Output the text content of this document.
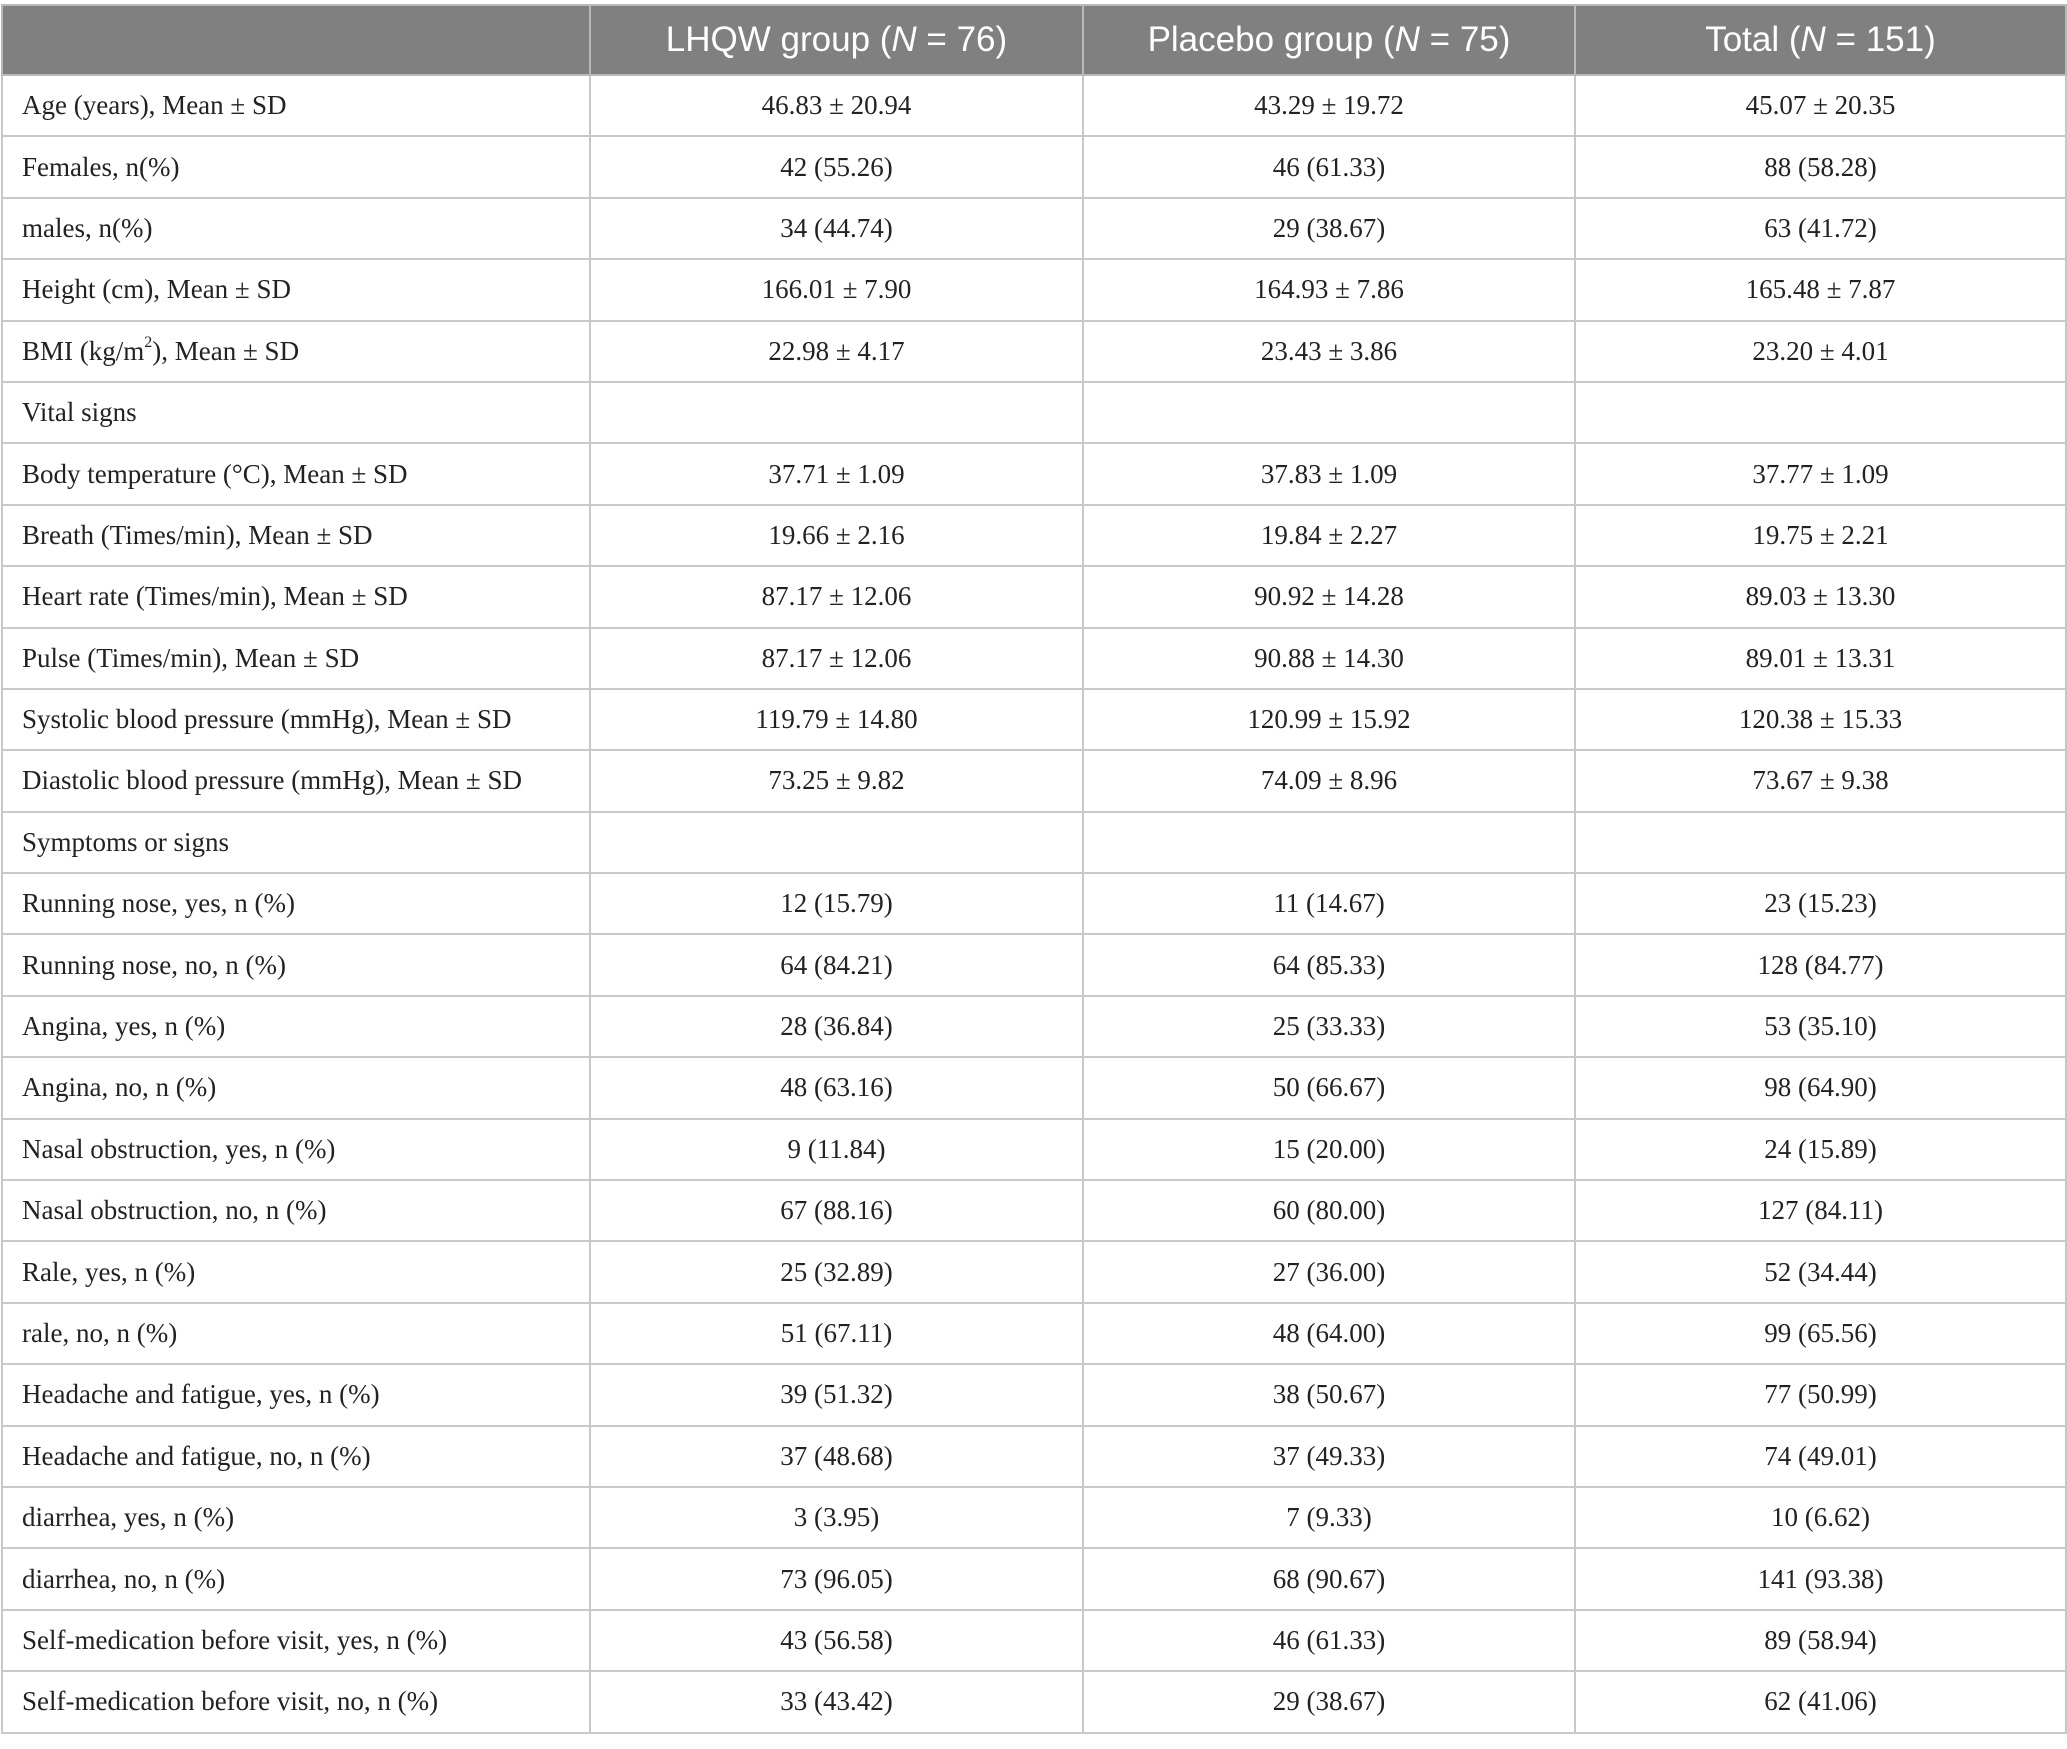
	LHQW group (N = 76)	Placebo group (N = 75)	Total (N = 151)
Age (years), Mean ± SD	46.83 ± 20.94	43.29 ± 19.72	45.07 ± 20.35
Females, n(%)	42 (55.26)	46 (61.33)	88 (58.28)
males, n(%)	34 (44.74)	29 (38.67)	63 (41.72)
Height (cm), Mean ± SD	166.01 ± 7.90	164.93 ± 7.86	165.48 ± 7.87
BMI $(kg/m^2)$, Mean ± SD	22.98 ± 4.17	23.43 ± 3.86	23.20 ± 4.01
Vital signs			
Body temperature (°C), Mean ± SD	37.71 ± 1.09	37.83 ± 1.09	37.77 ± 1.09
Breath (Times/min), Mean ± SD	19.66 ± 2.16	19.84 ± 2.27	19.75 ± 2.21
Heart rate (Times/min), Mean ± SD	87.17 ± 12.06	90.92 ± 14.28	89.03 ± 13.30
Pulse (Times/min), Mean ± SD	87.17 ± 12.06	90.88 ± 14.30	89.01 ± 13.31
Systolic blood pressure (mmHg), Mean ± SD	119.79 ± 14.80	120.99 ± 15.92	120.38 ± 15.33
Diastolic blood pressure (mmHg), Mean ± SD	73.25 ± 9.82	74.09 ± 8.96	73.67 ± 9.38
Symptoms or signs			
Running nose, yes, n (%)	12 (15.79)	11 (14.67)	23 (15.23)
Running nose, no, n (%)	64 (84.21)	64 (85.33)	128 (84.77)
Angina, yes, n (%)	28 (36.84)	25 (33.33)	53 (35.10)
Angina, no, n (%)	48 (63.16)	50 (66.67)	98 (64.90)
Nasal obstruction, yes, n (%)	9 (11.84)	15 (20.00)	24 (15.89)
Nasal obstruction, no, n (%)	67 (88.16)	60 (80.00)	127 (84.11)
Rale, yes, n (%)	25 (32.89)	27 (36.00)	52 (34.44)
rale, no, n (%)	51 (67.11)	48 (64.00)	99 (65.56)
Headache and fatigue, yes, n (%)	39 (51.32)	38 (50.67)	77 (50.99)
Headache and fatigue, no, n (%)	37 (48.68)	37 (49.33)	74 (49.01)
diarrhea, yes, n (%)	3 (3.95)	7 (9.33)	10 (6.62)
diarrhea, no, n (%)	73 (96.05)	68 (90.67)	141 (93.38)
Self-medication before visit, yes, n (%)	43 (56.58)	46 (61.33)	89 (58.94)
Self-medication before visit, no, n (%)	33 (43.42)	29 (38.67)	62 (41.06)
